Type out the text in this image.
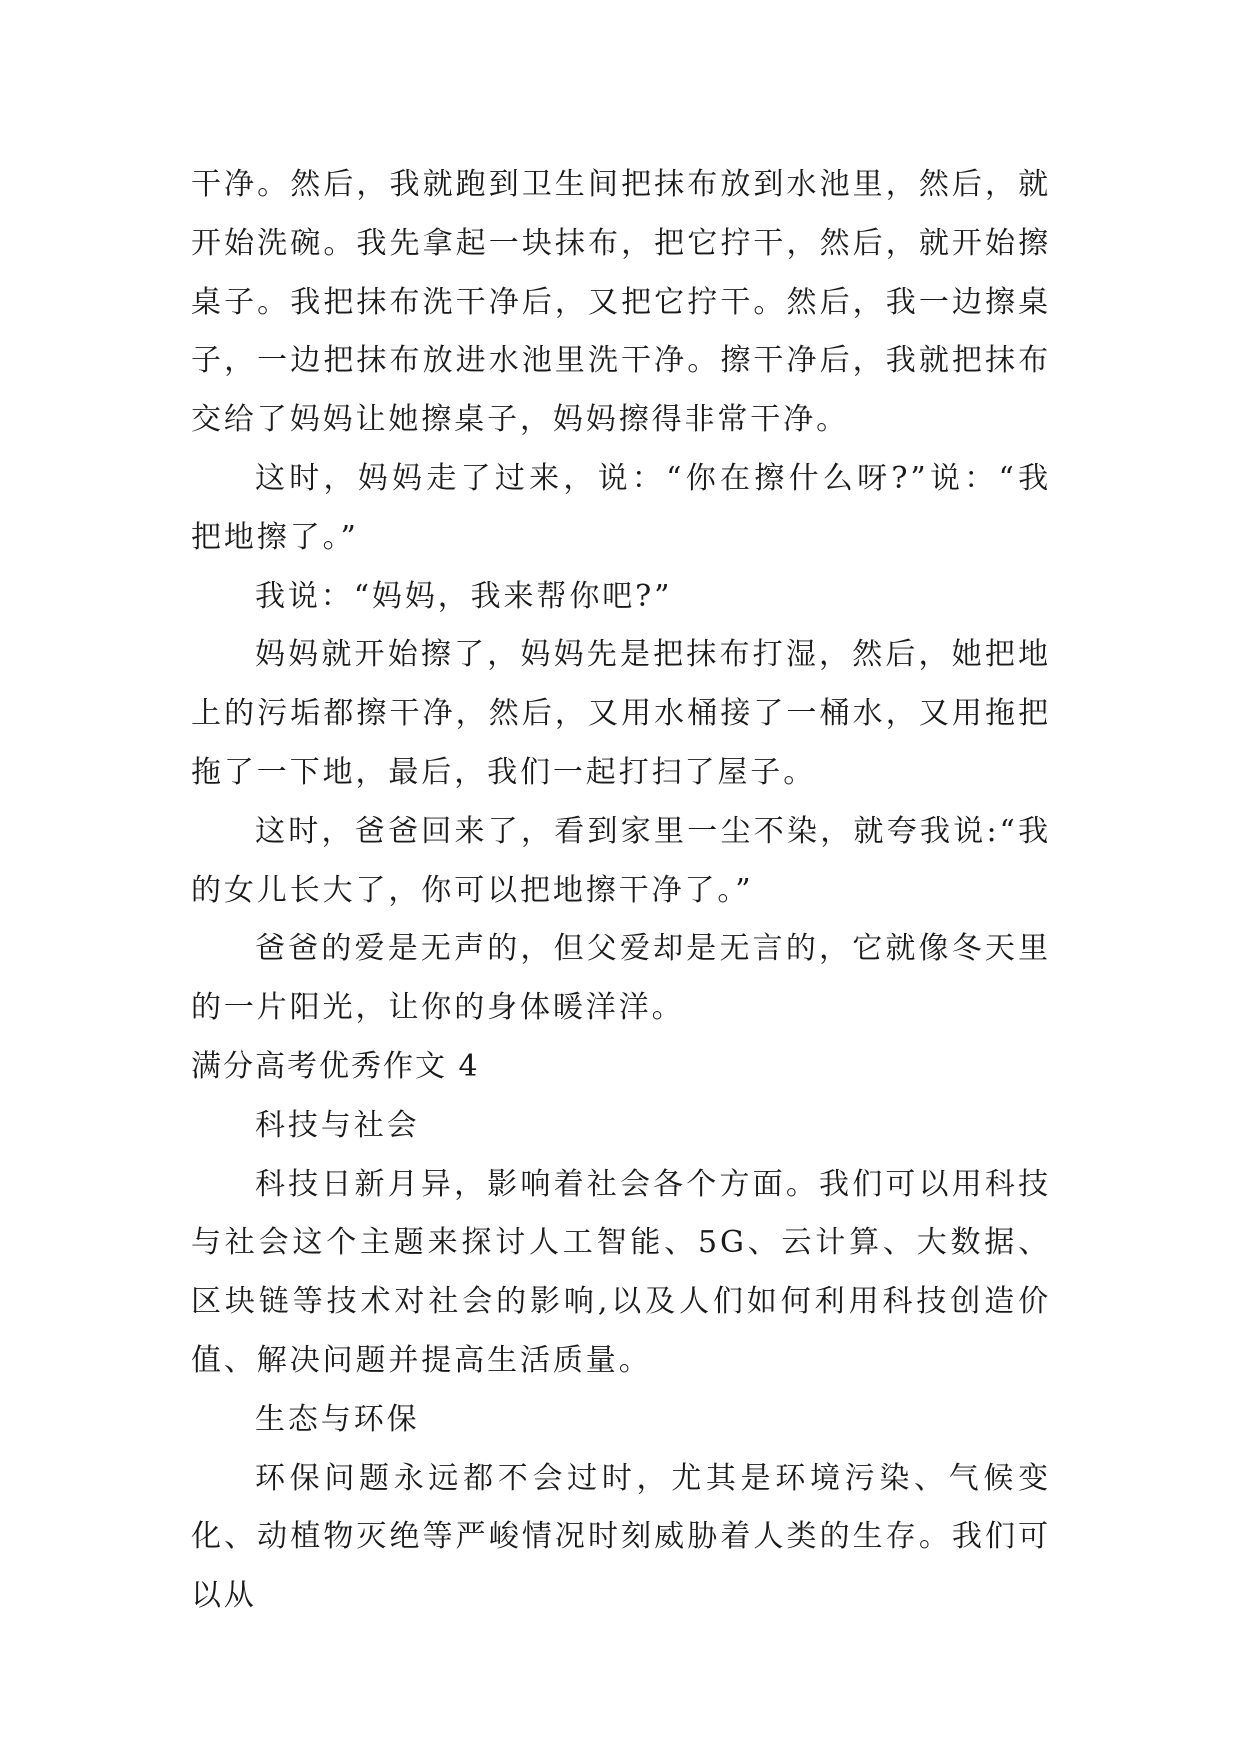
干净。然后，我就跑到卫生间把抹布放到水池里，然后，就开始洗碗。我先拿起一块抹布，把它拧干，然后，就开始擦桌子。我把抹布洗干净后，又把它拧干。然后，我一边擦桌子，一边把抹布放进水池里洗干净。擦干净后，我就把抹布交给了妈妈让她擦桌子，妈妈擦得非常干净。

这时，妈妈走了过来，说：“你在擦什么呀?”说：“我把地擦了。”

我说：“妈妈，我来帮你吧?”

妈妈就开始擦了，妈妈先是把抹布打湿，然后，她把地上的污垢都擦干净，然后，又用水桶接了一桶水，又用拖把拖了一下地，最后，我们一起打扫了屋子。

这时，爸爸回来了，看到家里一尘不染，就夸我说:“我的女儿长大了，你可以把地擦干净了。”

爸爸的爱是无声的，但父爱却是无言的，它就像冬天里的一片阳光，让你的身体暖洋洋。

满分高考优秀作文 4

科技与社会

科技日新月异，影响着社会各个方面。我们可以用科技与社会这个主题来探讨人工智能、5G、云计算、大数据、区块链等技术对社会的影响,以及人们如何利用科技创造价值、解决问题并提高生活质量。

生态与环保

环保问题永远都不会过时，尤其是环境污染、气候变化、动植物灭绝等严峻情况时刻威胁着人类的生存。我们可以从
